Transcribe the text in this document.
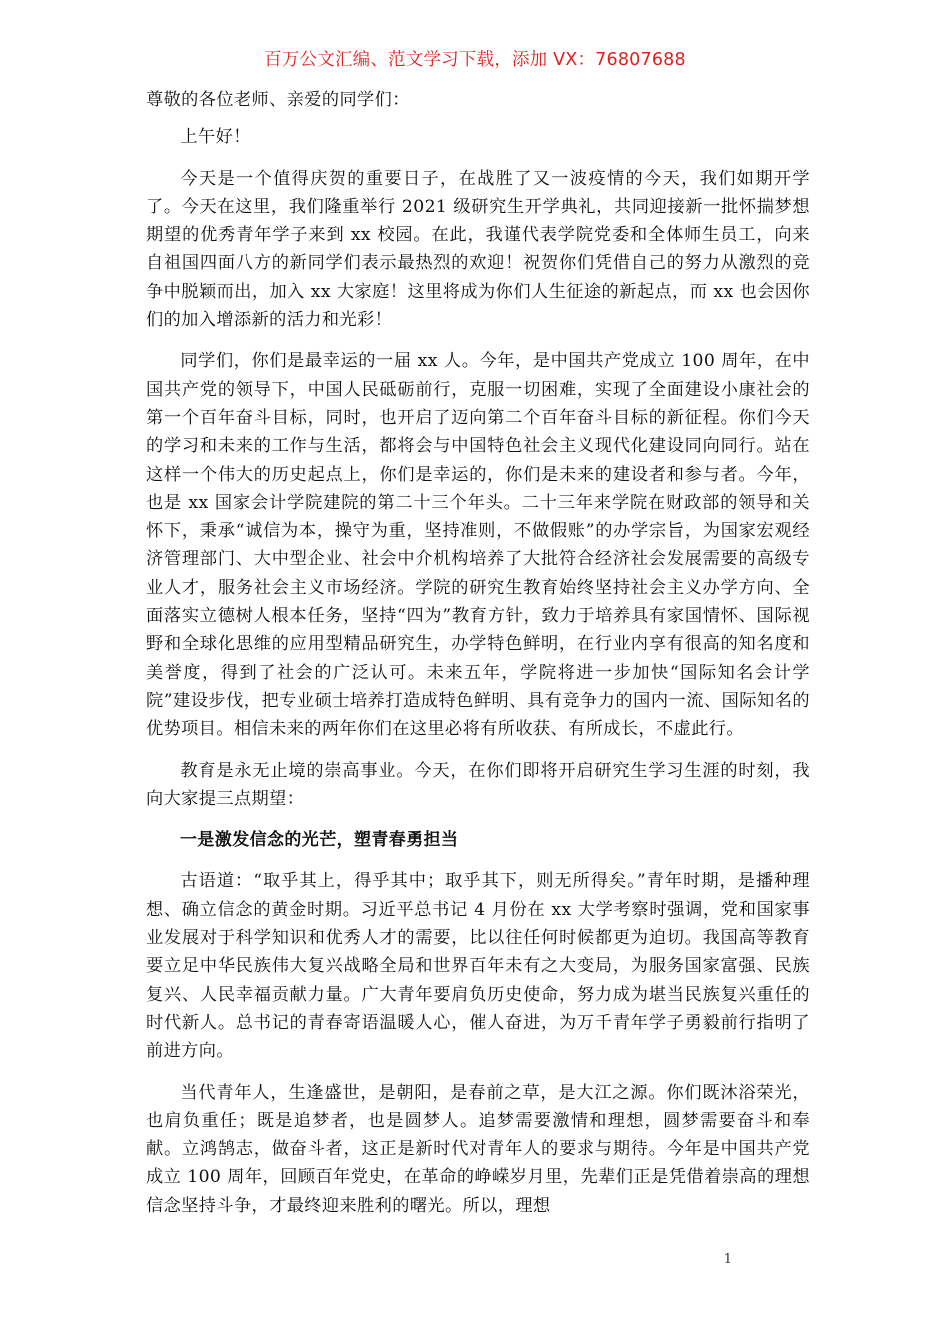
百万公文汇编、范文学习下载，添加 VX：76807688

尊敬的各位老师、亲爱的同学们：

上午好！

今天是一个值得庆贺的重要日子，在战胜了又一波疫情的今天，我们如期开学了。今天在这里，我们隆重举行 2021 级研究生开学典礼，共同迎接新一批怀揣梦想期望的优秀青年学子来到 xx 校园。在此，我谨代表学院党委和全体师生员工，向来自祖国四面八方的新同学们表示最热烈的欢迎！祝贺你们凭借自己的努力从激烈的竞争中脱颖而出，加入 xx 大家庭！这里将成为你们人生征途的新起点，而 xx 也会因你们的加入增添新的活力和光彩！

同学们，你们是最幸运的一届 xx 人。今年，是中国共产党成立 100 周年，在中国共产党的领导下，中国人民砥砺前行，克服一切困难，实现了全面建设小康社会的第一个百年奋斗目标，同时，也开启了迈向第二个百年奋斗目标的新征程。你们今天的学习和未来的工作与生活，都将会与中国特色社会主义现代化建设同向同行。站在这样一个伟大的历史起点上，你们是幸运的，你们是未来的建设者和参与者。今年，也是 xx 国家会计学院建院的第二十三个年头。二十三年来学院在财政部的领导和关怀下，秉承“诚信为本，操守为重，坚持准则，不做假账”的办学宗旨，为国家宏观经济管理部门、大中型企业、社会中介机构培养了大批符合经济社会发展需要的高级专业人才，服务社会主义市场经济。学院的研究生教育始终坚持社会主义办学方向、全面落实立德树人根本任务，坚持“四为”教育方针，致力于培养具有家国情怀、国际视野和全球化思维的应用型精品研究生，办学特色鲜明，在行业内享有很高的知名度和美誉度，得到了社会的广泛认可。未来五年，学院将进一步加快“国际知名会计学院”建设步伐，把专业硕士培养打造成特色鲜明、具有竞争力的国内一流、国际知名的优势项目。相信未来的两年你们在这里必将有所收获、有所成长，不虚此行。

教育是永无止境的崇高事业。今天，在你们即将开启研究生学习生涯的时刻，我向大家提三点期望：

一是激发信念的光芒，塑青春勇担当

古语道：“取乎其上，得乎其中；取乎其下，则无所得矣。”青年时期，是播种理想、确立信念的黄金时期。习近平总书记 4 月份在 xx 大学考察时强调，党和国家事业发展对于科学知识和优秀人才的需要，比以往任何时候都更为迫切。我国高等教育要立足中华民族伟大复兴战略全局和世界百年未有之大变局，为服务国家富强、民族复兴、人民幸福贡献力量。广大青年要肩负历史使命，努力成为堪当民族复兴重任的时代新人。总书记的青春寄语温暖人心，催人奋进，为万千青年学子勇毅前行指明了前进方向。

当代青年人，生逢盛世，是朝阳，是春前之草，是大江之源。你们既沐浴荣光，也肩负重任；既是追梦者，也是圆梦人。追梦需要激情和理想，圆梦需要奋斗和奉献。立鸿鹄志，做奋斗者，这正是新时代对青年人的要求与期待。今年是中国共产党成立 100 周年，回顾百年党史，在革命的峥嵘岁月里，先辈们正是凭借着崇高的理想信念坚持斗争，才最终迎来胜利的曙光。所以，理想

1
